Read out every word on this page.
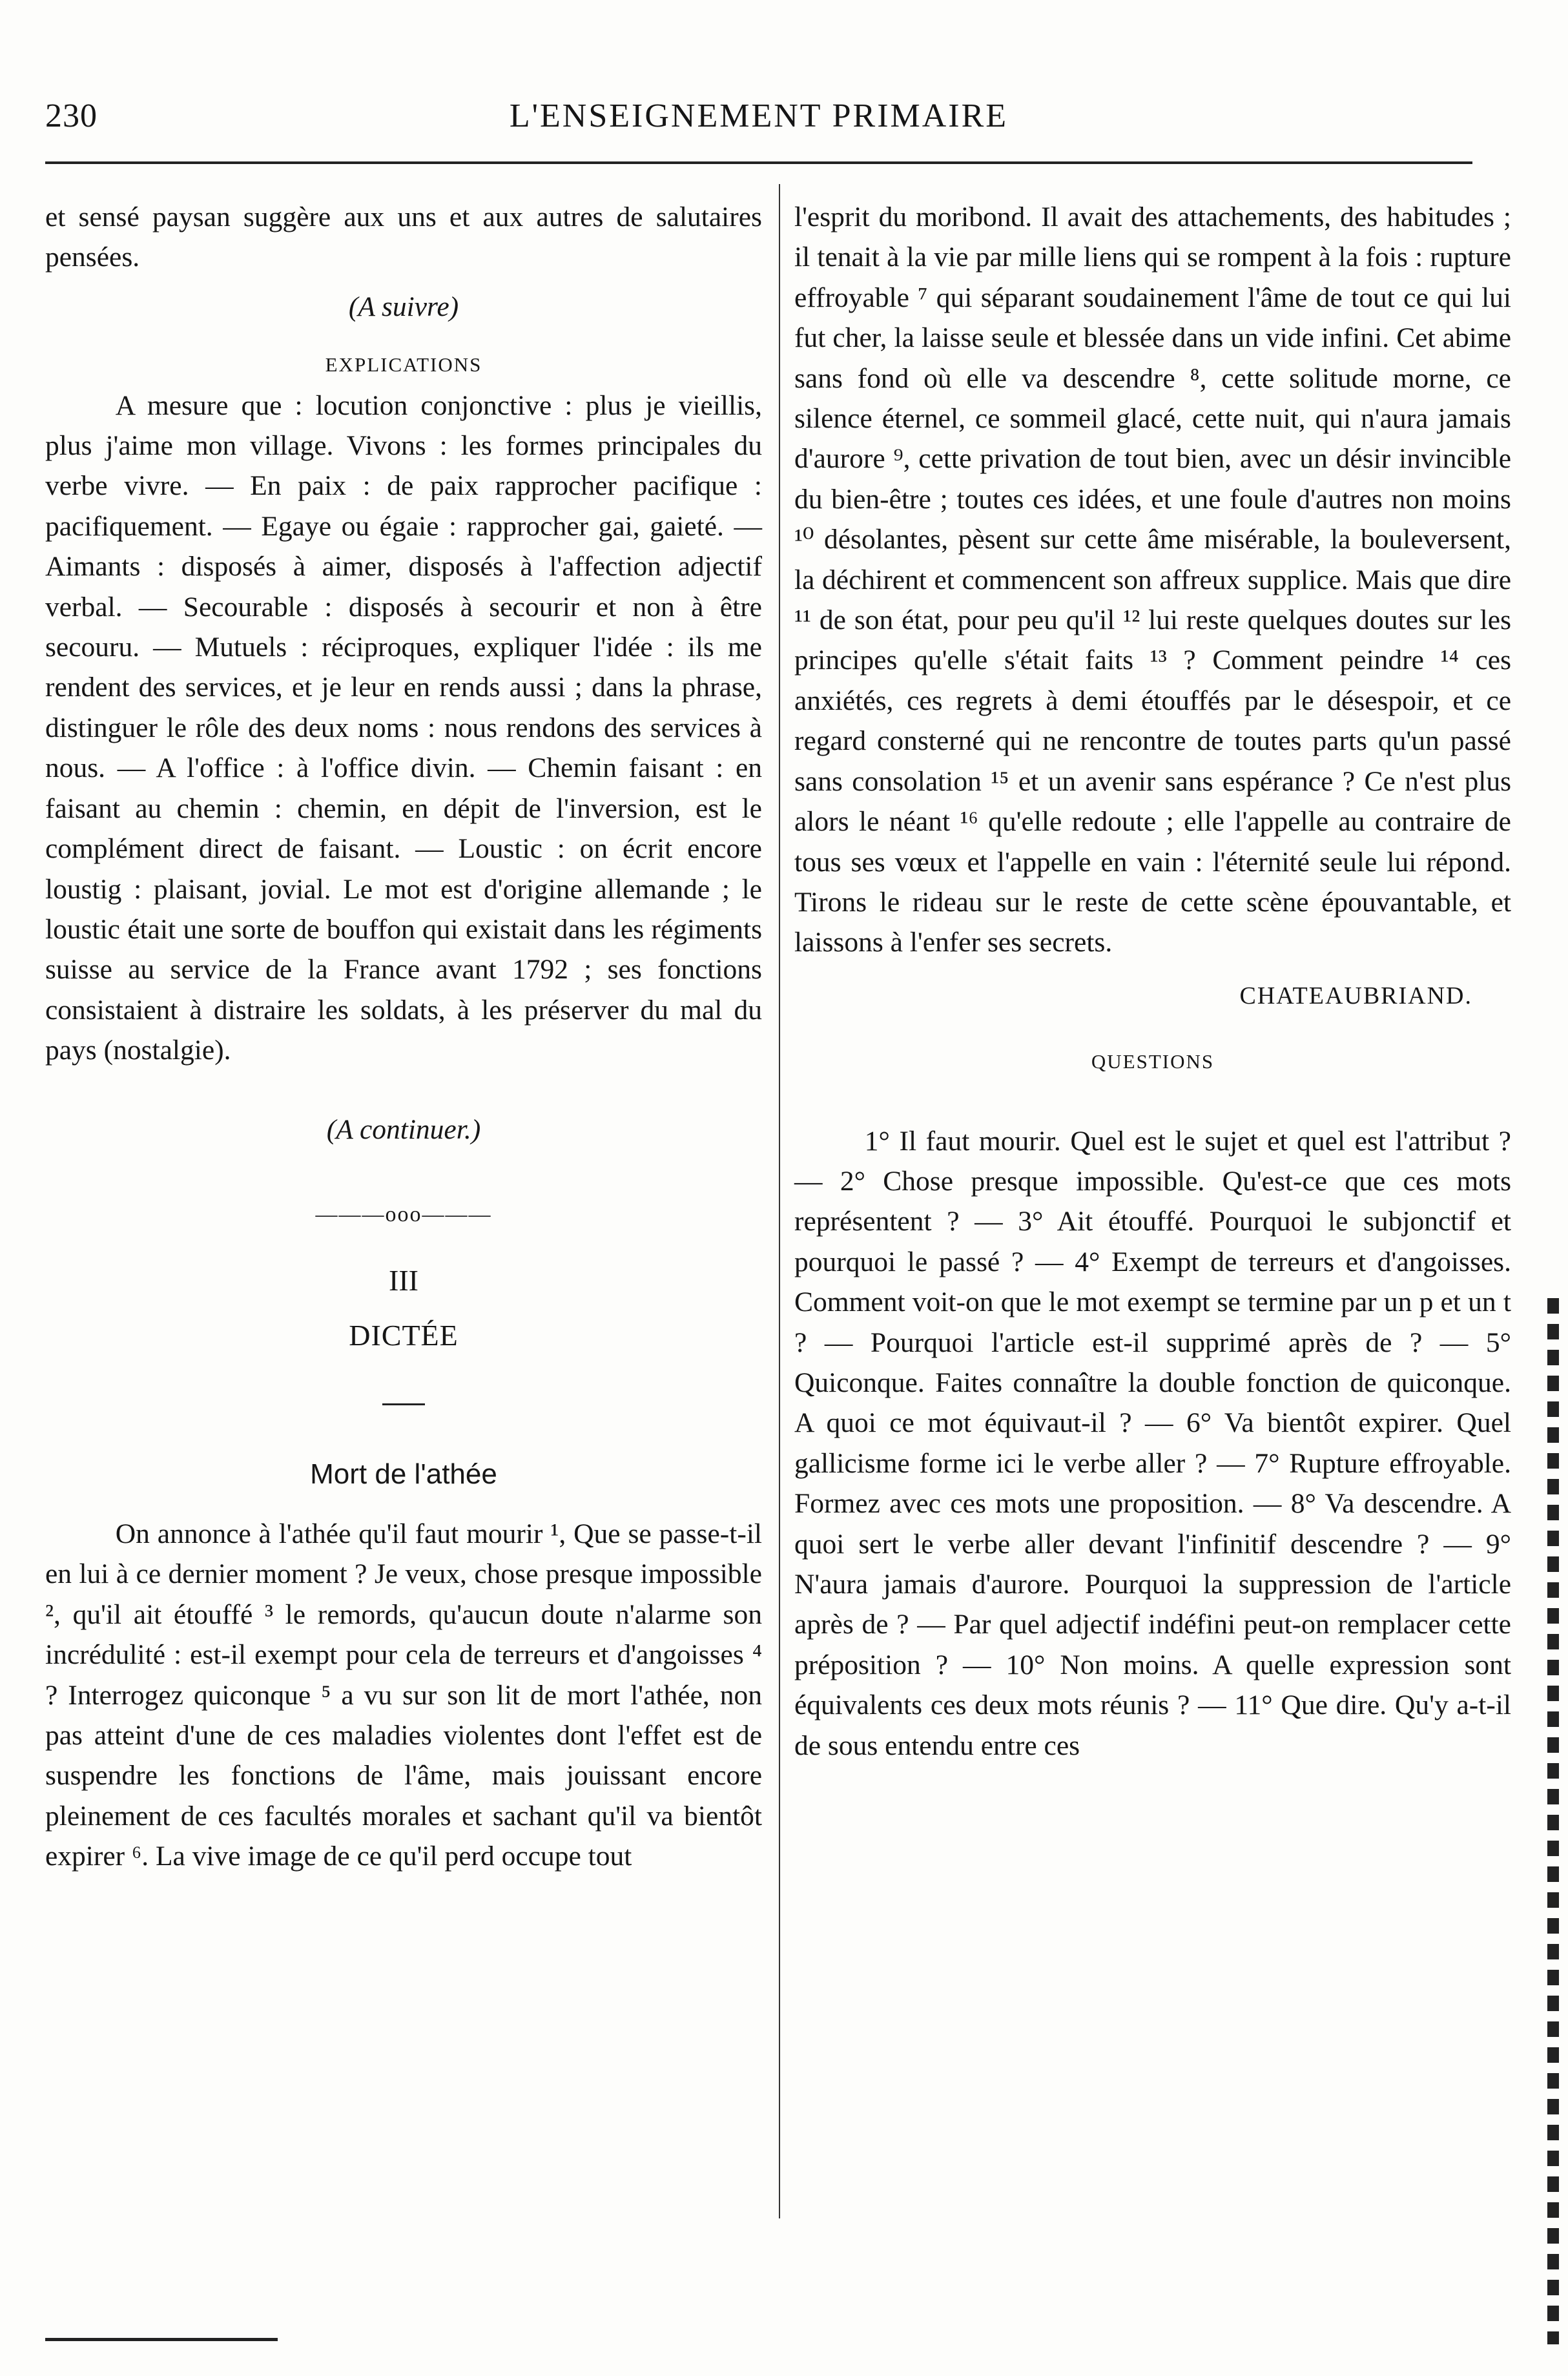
230	L'ENSEIGNEMENT PRIMAIRE

et sensé paysan suggère aux uns et aux autres de salutaires pensées.

(A suivre)

EXPLICATIONS

A mesure que : locution conjonctive : plus je vieillis, plus j'aime mon village. Vivons : les formes principales du verbe vivre. — En paix : de paix rapprocher pacifique : pacifiquement. — Egaye ou égaie : rapprocher gai, gaieté. — Aimants : disposés à aimer, disposés à l'affection adjectif verbal. — Secourable : disposés à secourir et non à être secouru. — Mutuels : réciproques, expliquer l'idée : ils me rendent des services, et je leur en rends aussi ; dans la phrase, distinguer le rôle des deux noms : nous rendons des services à nous. — A l'office : à l'office divin. — Chemin faisant : en faisant au chemin : chemin, en dépit de l'inversion, est le complément direct de faisant. — Loustic : on écrit encore loustig : plaisant, jovial. Le mot est d'origine allemande ; le loustic était une sorte de bouffon qui existait dans les régiments suisse au service de la France avant 1792 ; ses fonctions consistaient à distraire les soldats, à les préserver du mal du pays (nostalgie).

(A continuer.)

———ooo———

III

DICTÉE

Mort de l'athée

On annonce à l'athée qu'il faut mourir ¹, Que se passe-t-il en lui à ce dernier moment ? Je veux, chose presque impossible ², qu'il ait étouffé ³ le remords, qu'aucun doute n'alarme son incrédulité : est-il exempt pour cela de terreurs et d'angoisses ⁴ ? Interrogez quiconque ⁵ a vu sur son lit de mort l'athée, non pas atteint d'une de ces maladies violentes dont l'effet est de suspendre les fonctions de l'âme, mais jouissant encore pleinement de ces facultés morales et sachant qu'il va bientôt expirer ⁶. La vive image de ce qu'il perd occupe tout

l'esprit du moribond. Il avait des attachements, des habitudes ; il tenait à la vie par mille liens qui se rompent à la fois : rupture effroyable ⁷ qui séparant soudainement l'âme de tout ce qui lui fut cher, la laisse seule et blessée dans un vide infini. Cet abime sans fond où elle va descendre ⁸, cette solitude morne, ce silence éternel, ce sommeil glacé, cette nuit, qui n'aura jamais d'aurore ⁹, cette privation de tout bien, avec un désir invincible du bien-être ; toutes ces idées, et une foule d'autres non moins ¹⁰ désolantes, pèsent sur cette âme misérable, la bouleversent, la déchirent et commencent son affreux supplice. Mais que dire ¹¹ de son état, pour peu qu'il ¹² lui reste quelques doutes sur les principes qu'elle s'était faits ¹³ ? Comment peindre ¹⁴ ces anxiétés, ces regrets à demi étouffés par le désespoir, et ce regard consterné qui ne rencontre de toutes parts qu'un passé sans consolation ¹⁵ et un avenir sans espérance ? Ce n'est plus alors le néant ¹⁶ qu'elle redoute ; elle l'appelle au contraire de tous ses vœux et l'appelle en vain : l'éternité seule lui répond. Tirons le rideau sur le reste de cette scène épouvantable, et laissons à l'enfer ses secrets.

CHATEAUBRIAND.

QUESTIONS

1° Il faut mourir. Quel est le sujet et quel est l'attribut ? — 2° Chose presque impossible. Qu'est-ce que ces mots représentent ? — 3° Ait étouffé. Pourquoi le subjonctif et pourquoi le passé ? — 4° Exempt de terreurs et d'angoisses. Comment voit-on que le mot exempt se termine par un p et un t ? — Pourquoi l'article est-il supprimé après de ? — 5° Quiconque. Faites connaître la double fonction de quiconque. A quoi ce mot équivaut-il ? — 6° Va bientôt expirer. Quel gallicisme forme ici le verbe aller ? — 7° Rupture effroyable. Formez avec ces mots une proposition. — 8° Va descendre. A quoi sert le verbe aller devant l'infinitif descendre ? — 9° N'aura jamais d'aurore. Pourquoi la suppression de l'article après de ? — Par quel adjectif indéfini peut-on remplacer cette préposition ? — 10° Non moins. A quelle expression sont équivalents ces deux mots réunis ? — 11° Que dire. Qu'y a-t-il de sous entendu entre ces
